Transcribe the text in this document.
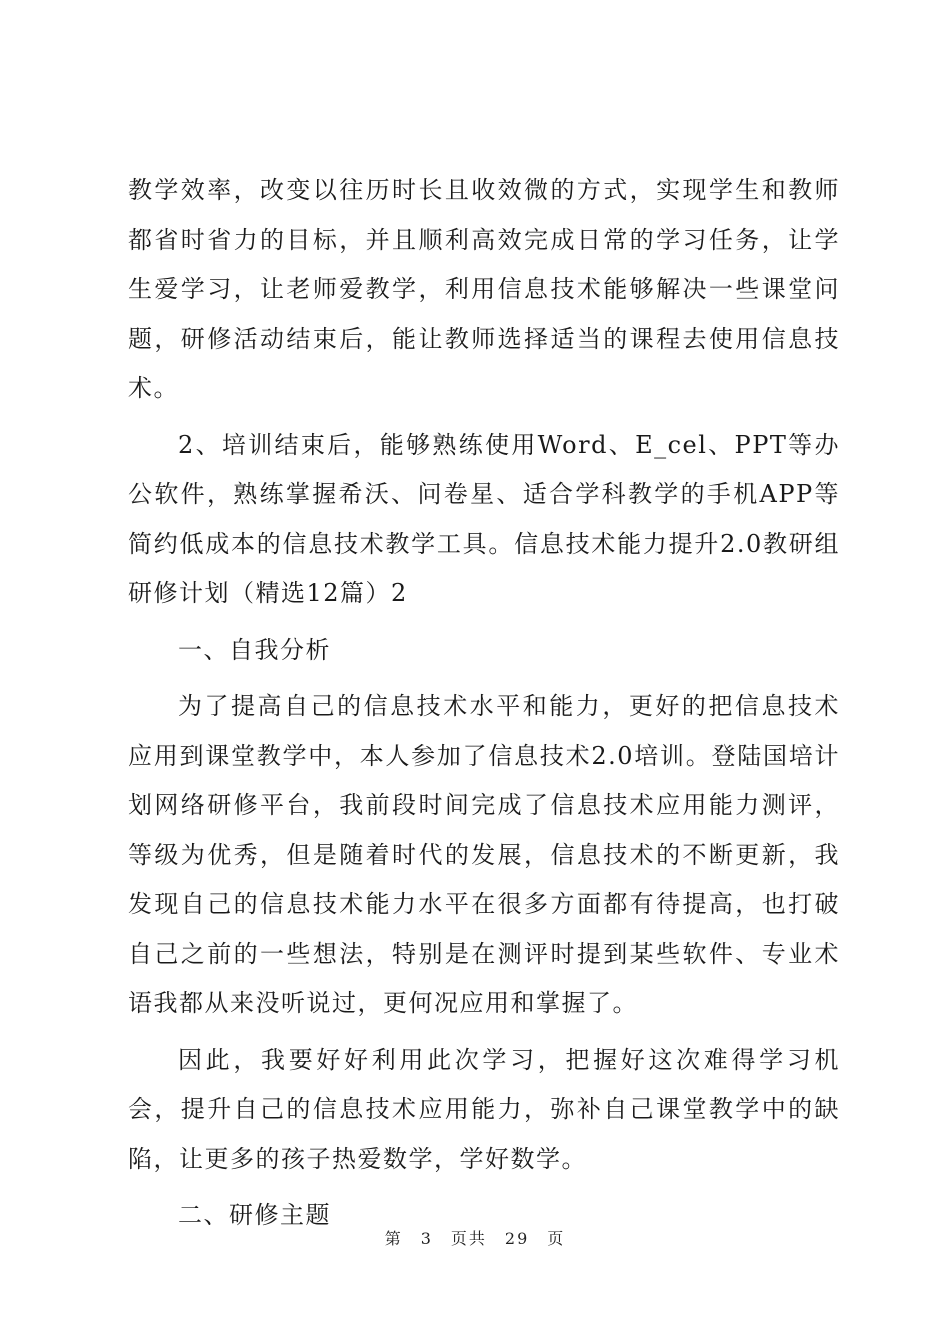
教学效率，改变以往历时长且收效微的方式，实现学生和教师都省时省力的目标，并且顺利高效完成日常的学习任务，让学生爱学习，让老师爱教学，利用信息技术能够解决一些课堂问题，研修活动结束后，能让教师选择适当的课程去使用信息技术。

2、培训结束后，能够熟练使用Word、E_cel、PPT等办公软件，熟练掌握希沃、问卷星、适合学科教学的手机APP等简约低成本的信息技术教学工具。信息技术能力提升2.0教研组研修计划（精选12篇）2

一、自我分析

为了提高自己的信息技术水平和能力，更好的把信息技术应用到课堂教学中，本人参加了信息技术2.0培训。登陆国培计划网络研修平台，我前段时间完成了信息技术应用能力测评，等级为优秀，但是随着时代的发展，信息技术的不断更新，我发现自己的信息技术能力水平在很多方面都有待提高，也打破自己之前的一些想法，特别是在测评时提到某些软件、专业术语我都从来没听说过，更何况应用和掌握了。

因此，我要好好利用此次学习，把握好这次难得学习机会，提升自己的信息技术应用能力，弥补自己课堂教学中的缺陷，让更多的孩子热爱数学，学好数学。

二、研修主题

第 3 页共 29 页
